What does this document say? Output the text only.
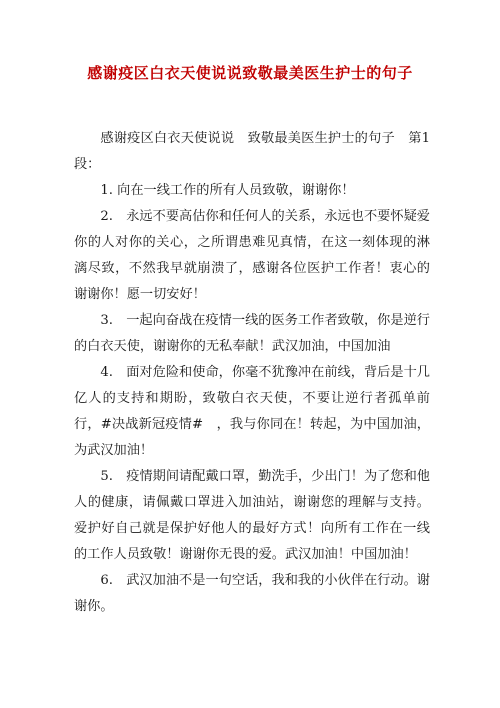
感谢疫区白衣天使说说致敬最美医生护士的句子

感谢疫区白衣天使说说　致敬最美医生护士的句子　第1段：

1. 向在一线工作的所有人员致敬，谢谢你！

2.　永远不要高估你和任何人的关系，永远也不要怀疑爱你的人对你的关心，之所谓患难见真情，在这一刻体现的淋漓尽致，不然我早就崩溃了，感谢各位医护工作者！衷心的谢谢你！愿一切安好！

3.　一起向奋战在疫情一线的医务工作者致敬，你是逆行的白衣天使，谢谢你的无私奉献！武汉加油，中国加油

4.　面对危险和使命，你毫不犹豫冲在前线，背后是十几亿人的支持和期盼，致敬白衣天使，不要让逆行者孤单前行，#决战新冠疫情#　，我与你同在！转起，为中国加油，为武汉加油！

5.　疫情期间请配戴口罩，勤洗手，少出门！为了您和他人的健康，请佩戴口罩进入加油站，谢谢您的理解与支持。爱护好自己就是保护好他人的最好方式！向所有工作在一线的工作人员致敬！谢谢你无畏的爱。武汉加油！中国加油！

6.　武汉加油不是一句空话，我和我的小伙伴在行动。谢谢你。
